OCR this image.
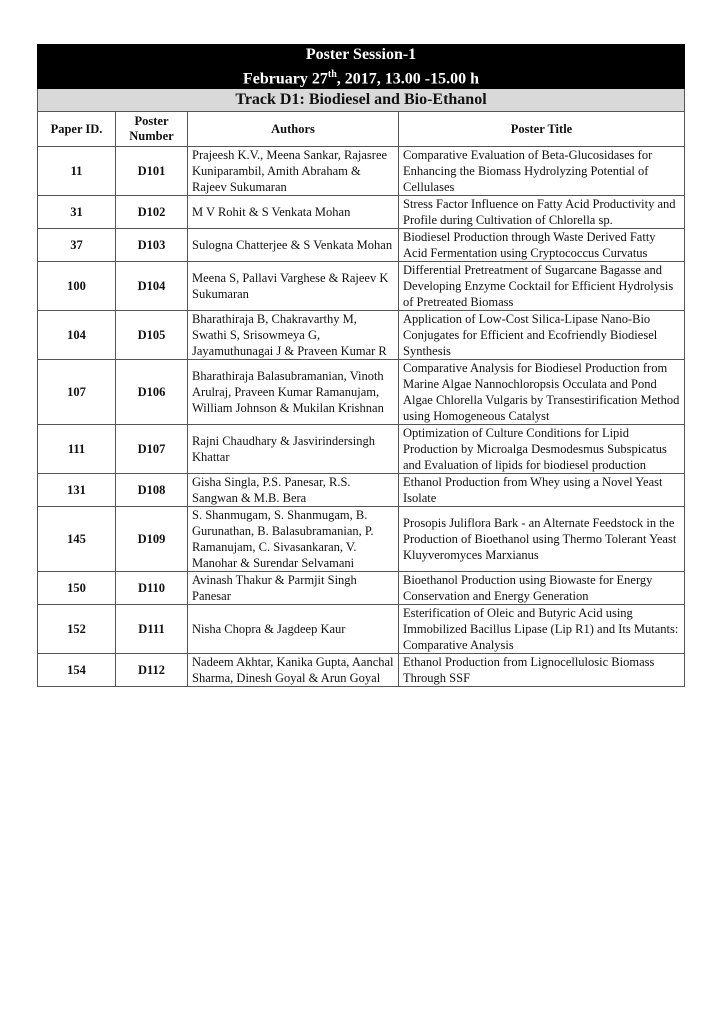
Poster Session-1			
February 27th, 2017, 13.00 -15.00 h			
Track D1: Biodiesel and Bio-Ethanol			
Paper ID.	Poster Number	Authors	Poster Title
11	D101	Prajeesh K.V., Meena Sankar, Rajasree Kuniparambil, Amith Abraham & Rajeev Sukumaran	Comparative Evaluation of Beta-Glucosidases for Enhancing the Biomass Hydrolyzing Potential of Cellulases
31	D102	M V Rohit & S Venkata Mohan	Stress Factor Influence on Fatty Acid Productivity and Profile during Cultivation of Chlorella sp.
37	D103	Sulogna Chatterjee & S Venkata Mohan	Biodiesel Production through Waste Derived Fatty Acid Fermentation using Cryptococcus Curvatus
100	D104	Meena S, Pallavi Varghese & Rajeev K Sukumaran	Differential Pretreatment of Sugarcane Bagasse and Developing Enzyme Cocktail for Efficient Hydrolysis of Pretreated Biomass
104	D105	Bharathiraja B, Chakravarthy M, Swathi S, Srisowmeya G, Jayamuthunagai J & Praveen Kumar R	Application of Low-Cost Silica-Lipase Nano-Bio Conjugates for Efficient and Ecofriendly Biodiesel Synthesis
107	D106	Bharathiraja Balasubramanian, Vinoth Arulraj, Praveen Kumar Ramanujam, William Johnson & Mukilan Krishnan	Comparative Analysis for Biodiesel Production from Marine Algae Nannochloropsis Occulata and Pond Algae Chlorella Vulgaris by Transestirification Method using Homogeneous Catalyst
111	D107	Rajni Chaudhary & Jasvirindersingh Khattar	Optimization of Culture Conditions for Lipid Production by Microalga Desmodesmus Subspicatus and Evaluation of lipids for biodiesel production
131	D108	Gisha Singla, P.S. Panesar, R.S. Sangwan & M.B. Bera	Ethanol Production from Whey using a Novel Yeast Isolate
145	D109	S. Shanmugam, S. Shanmugam, B. Gurunathan, B. Balasubramanian, P. Ramanujam, C. Sivasankaran, V. Manohar & Surendar Selvamani	Prosopis Juliflora Bark - an Alternate Feedstock in the Production of Bioethanol using Thermo Tolerant Yeast Kluyveromyces Marxianus
150	D110	Avinash Thakur & Parmjit Singh Panesar	Bioethanol Production using Biowaste for Energy Conservation and Energy Generation
152	D111	Nisha Chopra & Jagdeep Kaur	Esterification of Oleic and Butyric Acid using Immobilized Bacillus Lipase (Lip R1) and Its Mutants: Comparative Analysis
154	D112	Nadeem Akhtar, Kanika Gupta, Aanchal Sharma, Dinesh Goyal & Arun Goyal	Ethanol Production from Lignocellulosic Biomass Through SSF
